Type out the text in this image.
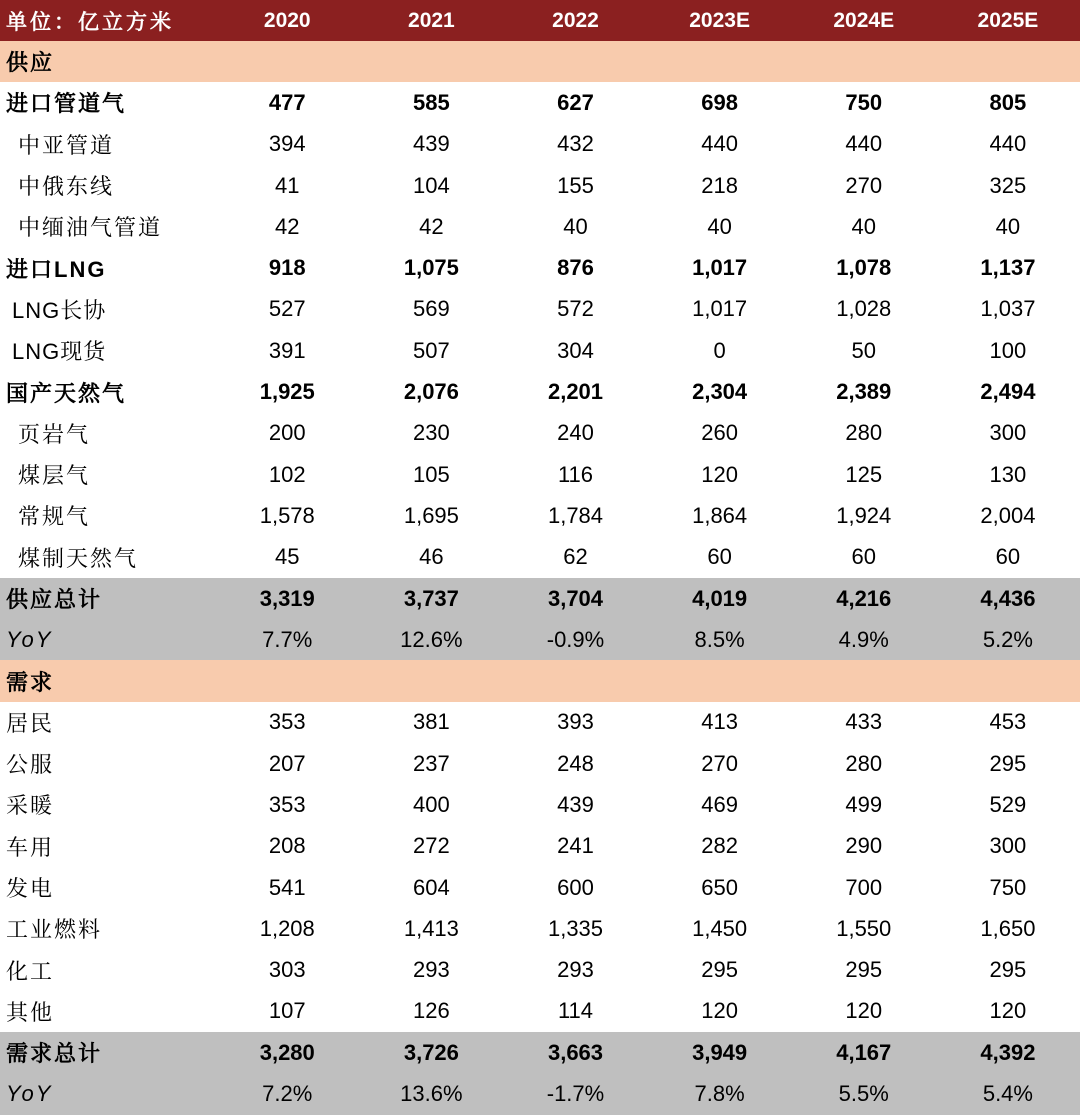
单位：亿立方米	2020	2021	2022	2023E	2024E	2025E
供应						
进口管道气	477	585	627	698	750	805
中亚管道	394	439	432	440	440	440
中俄东线	41	104	155	218	270	325
中缅油气管道	42	42	40	40	40	40
进口LNG	918	1,075	876	1,017	1,078	1,137
LNG长协	527	569	572	1,017	1,028	1,037
LNG现货	391	507	304	0	50	100
国产天然气	1,925	2,076	2,201	2,304	2,389	2,494
页岩气	200	230	240	260	280	300
煤层气	102	105	116	120	125	130
常规气	1,578	1,695	1,784	1,864	1,924	2,004
煤制天然气	45	46	62	60	60	60
供应总计	3,319	3,737	3,704	4,019	4,216	4,436
YoY	7.7%	12.6%	-0.9%	8.5%	4.9%	5.2%
需求						
居民	353	381	393	413	433	453
公服	207	237	248	270	280	295
采暖	353	400	439	469	499	529
车用	208	272	241	282	290	300
发电	541	604	600	650	700	750
工业燃料	1,208	1,413	1,335	1,450	1,550	1,650
化工	303	293	293	295	295	295
其他	107	126	114	120	120	120
需求总计	3,280	3,726	3,663	3,949	4,167	4,392
YoY	7.2%	13.6%	-1.7%	7.8%	5.5%	5.4%
